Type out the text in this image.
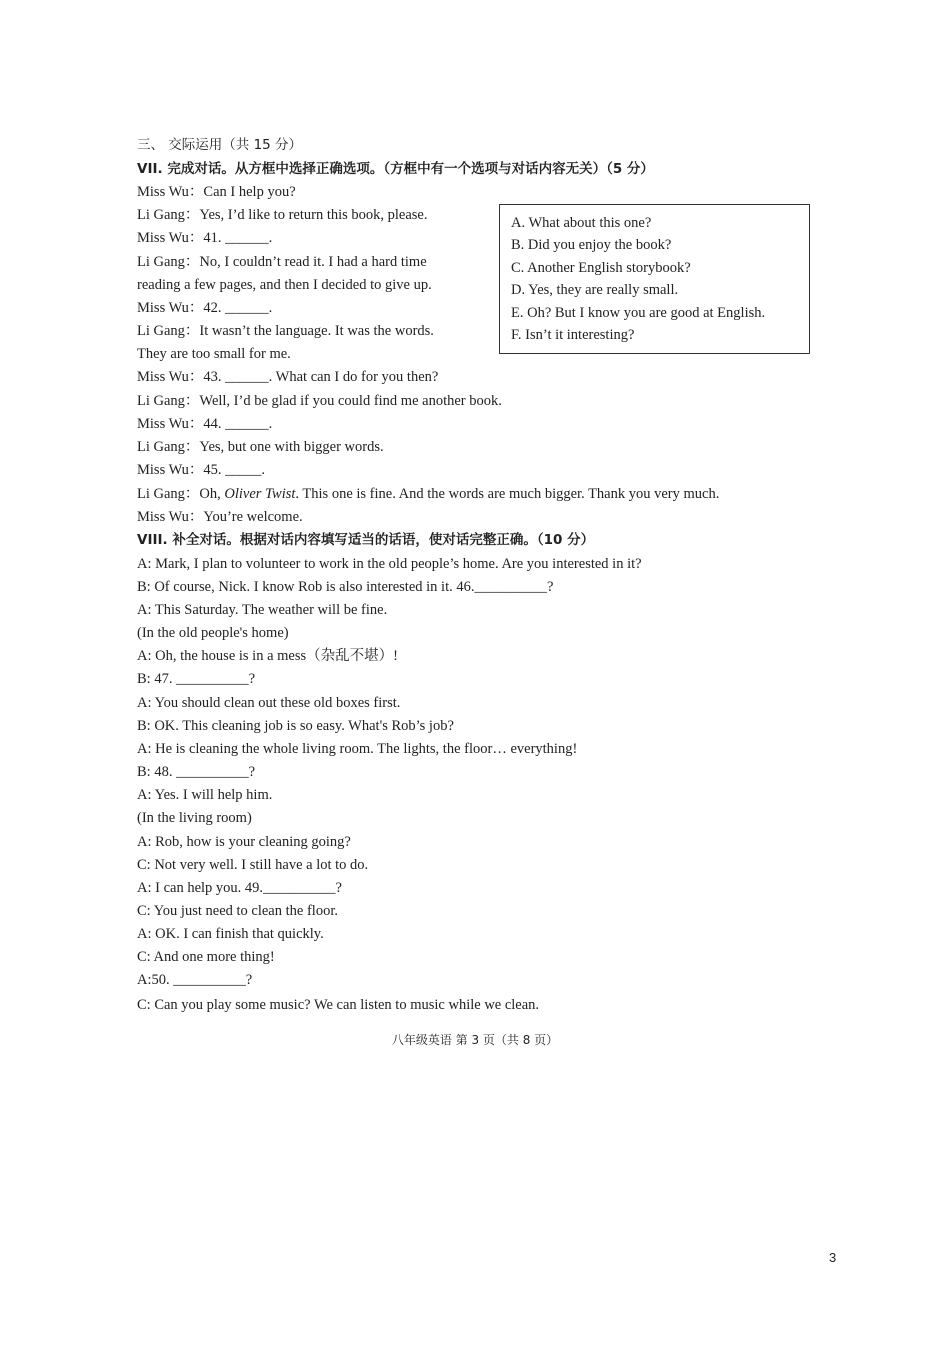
三、 交际运用（共 15 分）
VII. 完成对话。从方框中选择正确选项。（方框中有一个选项与对话内容无关）（5 分）
Miss Wu：Can I help you?
Li Gang：Yes, I’d like to return this book, please.
Miss Wu：41. ______.
Li Gang：No, I couldn’t read it. I had a hard time
reading a few pages, and then I decided to give up.
Miss Wu：42. ______.
Li Gang：It wasn’t the language. It was the words.
They are too small for me.
Miss Wu：43. ______. What can I do for you then?
Li Gang：Well, I’d be glad if you could find me another book.
Miss Wu：44. ______.
Li Gang：Yes, but one with bigger words.
Miss Wu：45. _____.
Li Gang：Oh, Oliver Twist. This one is fine. And the words are much bigger. Thank you very much.
Miss Wu：You’re welcome.
A. What about this one?
B. Did you enjoy the book?
C. Another English storybook?
D. Yes, they are really small.
E. Oh? But I know you are good at English.
F. Isn’t it interesting?
VIII. 补全对话。根据对话内容填写适当的话语，使对话完整正确。（10 分）
A: Mark, I plan to volunteer to work in the old people’s home. Are you interested in it?
B: Of course, Nick. I know Rob is also interested in it. 46.__________?
A: This Saturday. The weather will be fine.
(In the old people's home)
A: Oh, the house is in a mess（杂乱不堪）!
B: 47. __________?
A: You should clean out these old boxes first.
B: OK. This cleaning job is so easy. What's Rob’s job?
A: He is cleaning the whole living room. The lights, the floor… everything!
B: 48. __________?
A: Yes. I will help him.
(In the living room)
A: Rob, how is your cleaning going?
C: Not very well. I still have a lot to do.
A: I can help you. 49.__________?
C: You just need to clean the floor.
A: OK. I can finish that quickly.
C: And one more thing!
A:50. __________?
C: Can you play some music? We can listen to music while we clean.
八年级英语 第 3 页（共 8 页）
3
